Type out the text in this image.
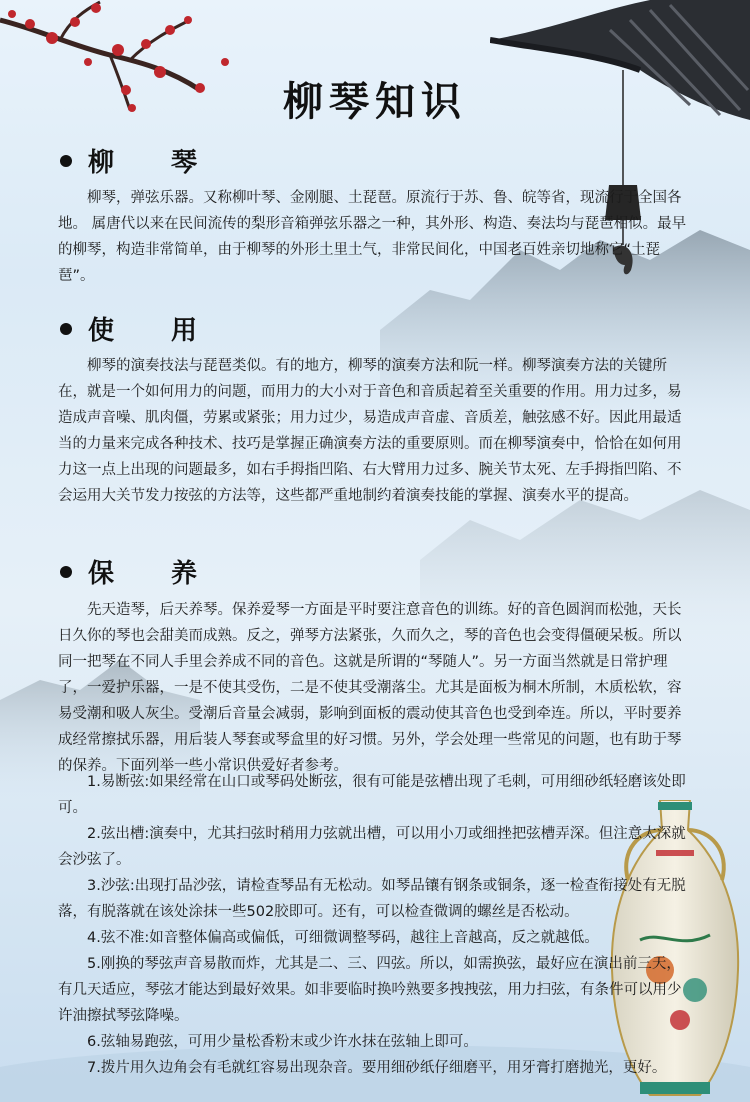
柳琴知识
柳 琴

柳琴，弹弦乐器。又称柳叶琴、金刚腿、土琵琶。原流行于苏、鲁、皖等省，现流行于全国各地。 属唐代以来在民间流传的梨形音箱弹弦乐器之一种，其外形、构造、奏法均与琵琶相似。最早的柳琴，构造非常简单，由于柳琴的外形土里土气，非常民间化，中国老百姓亲切地称它“土琵琶”。

使 用

柳琴的演奏技法与琵琶类似。有的地方，柳琴的演奏方法和阮一样。柳琴演奏方法的关键所在，就是一个如何用力的问题，而用力的大小对于音色和音质起着至关重要的作用。用力过多，易造成声音噪、肌肉僵，劳累或紧张；用力过少，易造成声音虚、音质差，触弦感不好。因此用最适当的力量来完成各种技术、技巧是掌握正确演奏方法的重要原则。而在柳琴演奏中，恰恰在如何用力这一点上出现的问题最多，如右手拇指凹陷、右大臂用力过多、腕关节太死、左手拇指凹陷、不会运用大关节发力按弦的方法等，这些都严重地制约着演奏技能的掌握、演奏水平的提高。

保 养

先天造琴，后天养琴。保养爱琴一方面是平时要注意音色的训练。好的音色圆润而松弛，天长日久你的琴也会甜美而成熟。反之，弹琴方法紧张，久而久之，琴的音色也会变得僵硬呆板。所以同一把琴在不同人手里会养成不同的音色。这就是所谓的“琴随人”。另一方面当然就是日常护理了，一爱护乐器，一是不使其受伤，二是不使其受潮落尘。尤其是面板为桐木所制，木质松软，容易受潮和吸人灰尘。受潮后音量会减弱，影响到面板的震动使其音色也受到牵连。所以，平时要养成经常擦拭乐器，用后装人琴套或琴盒里的好习惯。另外，学会处理一些常见的问题，也有助于琴的保养。下面列举一些小常识供爱好者参考。

1.易断弦:如果经常在山口或琴码处断弦，很有可能是弦槽出现了毛刺，可用细砂纸轻磨该处即可。

2.弦出槽:演奏中，尤其扫弦时稍用力弦就出槽，可以用小刀或细挫把弦槽弄深。但注意太深就会沙弦了。

3.沙弦:出现打品沙弦，请检查琴品有无松动。如琴品镶有钢条或铜条，逐一检查衔接处有无脱落，有脱落就在该处涂抹一些502胶即可。还有，可以检查微调的螺丝是否松动。

4.弦不准:如音整体偏高或偏低，可细微调整琴码，越往上音越高，反之就越低。

5.刚换的琴弦声音易散而炸，尤其是二、三、四弦。所以，如需换弦，最好应在演出前三天，有几天适应，琴弦才能达到最好效果。如非要临时换吟熟要多拽拽弦，用力扫弦，有条件可以用少许油擦拭琴弦降噪。

6.弦轴易跑弦，可用少量松香粉末或少许水抹在弦轴上即可。

7.拨片用久边角会有毛就红容易出现杂音。要用细砂纸仔细磨平，用牙膏打磨抛光，更好。
